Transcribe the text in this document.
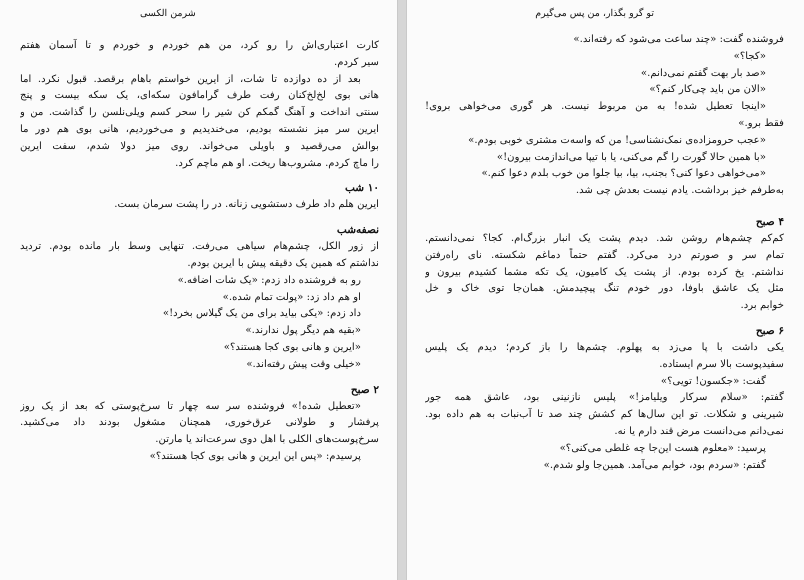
شرمن الکسی
کارت اعتباری‌اش را رو کرد، من هم خوردم و خوردم و تا آسمان هفتم
سیر کردم.
بعد از ده دوازده تا شات، از ایرین خواستم باهام برقصد. قبول نکرد. اما
هانی بوی لخ‌لخ‌کنان رفت طرف گرامافون سکه‌ای، یک سکه بیست و پنج
سنتی انداخت و آهنگ گمکم کن شیر را سحر کسم ویلی‌نلسن را گذاشت. من و
ایرین سر میز نشسته بودیم، می‌خندیدیم و می‌خوردیم، هانی بوی هم دور ما
بوالش می‌رقصید و باویلی می‌خواند. روی میز دولا شدم، سفت ایرین
را ماچ کردم. مشروب‌ها ریخت. او هم ماچم کرد.
۱۰ شب
ایرین هلم داد طرف دستشویی زنانه. در را پشت سرمان بست.
نصفه‌شب
از زور الکل، چشم‌هام سیاهی می‌رفت. تنهایی وسط بار مانده بودم. تردید
نداشتم که همین یک دقیقه پیش با ایرین بودم.
رو به فروشنده داد زدم: «یک شات اضافه.»
او هم داد زد: «پولت تمام شده.»
داد زدم: «یکی بیاید برای من یک گیلاس بخرد!»
«بقیه هم دیگر پول ندارند.»
«ایرین و هانی بوی کجا هستند؟»
«خیلی وقت پیش رفته‌اند.»
۲ صبح
«تعطیل شده!» فروشنده سر سه چهار تا سرخ‌پوستی که بعد از یک روز
پرفشار و طولانی عرق‌خوری، همچنان مشغول بودند داد می‌کشید.
سرخ‌پوست‌های الکلی با اهل دوی سرعت‌اند یا مارتن.
پرسیدم: «پس این ایرین و هانی بوی کجا هستند؟»
تو گرو بگذار، من پس می‌گیرم
فروشنده گفت: «چند ساعت می‌شود که رفته‌اند.»
«کجا؟»
«صد بار بهت گفتم نمی‌دانم.»
«الان من باید چی‌کار کنم؟»
«اینجا تعطیل شده! به من مربوط نیست. هر گوری می‌خواهی بروی!
فقط برو.»
«عجب حرومزاده‌ی نمک‌نشناسی! من که واسه‌ت مشتری خوبی بودم.»
«با همین حالا گورت را گم می‌کنی، یا با تیپا می‌اندازمت بیرون!»
«می‌خواهی دعوا کنی؟ بجنب، بیا، بیا جلوا من خوب بلدم دعوا کنم.»
به‌طرفم خیز برداشت. یادم نیست بعدش چی شد.
۴ صبح
کم‌کم چشم‌هام روشن شد. دیدم پشت یک انبار بزرگ‌ام. کجا؟ نمی‌دانستم.
تمام سر و صورتم درد می‌کرد. گفتم حتماً دماغم شکسته. نای راه‌رفتن
نداشتم. یخ کرده بودم. از پشت یک کامیون، یک تکه مشما کشیدم بیرون و
مثل یک عاشق باوفا، دور خودم تنگ پیچیدمش. همان‌جا توی خاک و خل
خوابم برد.
۶ صبح
یکی داشت با پا می‌زد به پهلوم. چشم‌ها را باز کردم؛ دیدم یک پلیس
سفیدپوست بالا سرم ایستاده.
گفت: «جکسون! تویی؟»
گفتم: «سلام سرکار ویلیامز!» پلیس نازنینی بود، عاشق همه جور
شیرینی و شکلات. تو این سال‌ها کم کشش چند صد تا آب‌نبات به هم داده بود.
نمی‌دانم می‌دانست مرض قند دارم یا نه.
پرسید: «معلوم هست این‌جا چه غلطی می‌کنی؟»
گفتم: «سردم بود، خوابم می‌آمد. همین‌جا ولو شدم.»
